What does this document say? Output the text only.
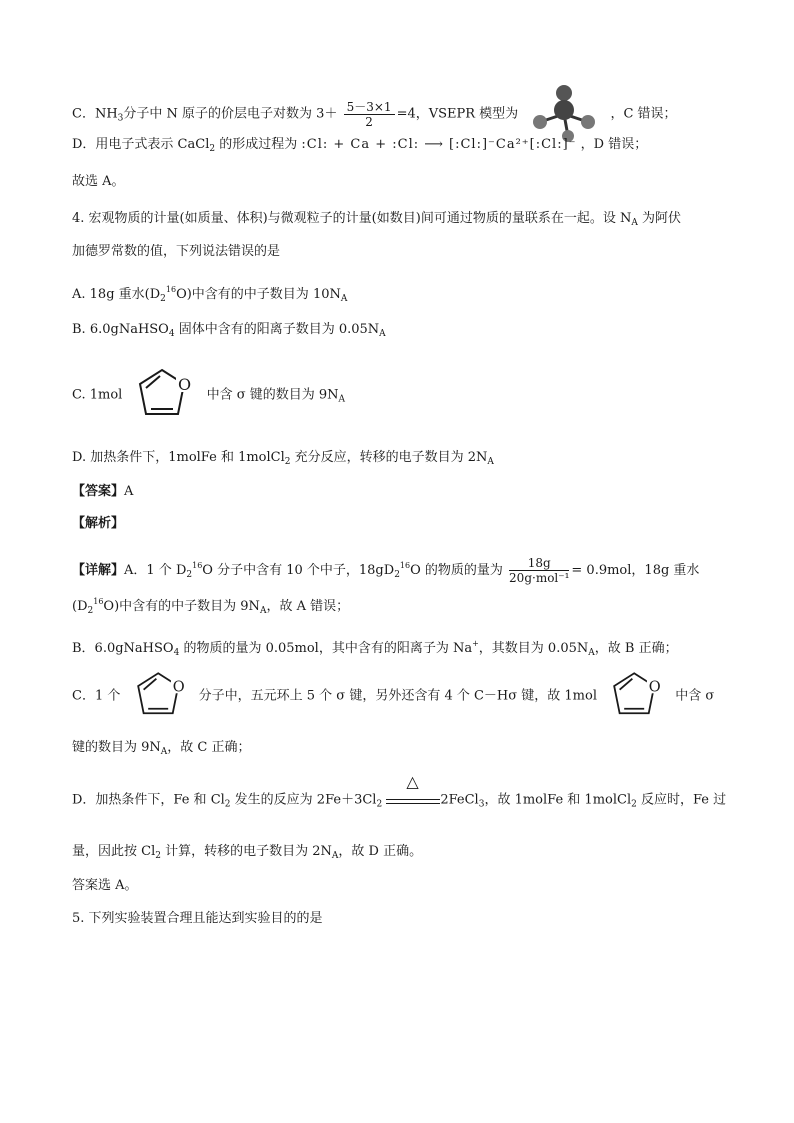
C．$NH_3$分子中 N 原子的价层电子对数为 $3+ \frac{5-3\times 1}{2} =4$，VSEPR 模型为	，C 错误；
D．用电子式表示 CaCl$_2$ 的形成过程为 :Cl: + Ca + :Cl: ⟶ [:Cl:]⁻Ca²⁺[:Cl:]⁻ ，D 错误；
故选 A。
4. 宏观物质的计量(如质量、体积)与微观粒子的计量(如数目)间可通过物质的量联系在一起。设 $N_A$ 为阿伏
加德罗常数的值，下列说法错误的是
A. 18g 重水$(D_2^{16}O)$中含有的中子数目为 $10N_A$
B. 6.0gNaHSO$_4$ 固体中含有的阳离子数目为 $0.05N_A$
C. 1mol
O
中含 σ 键的数目为 $9N_A$
D. 加热条件下，1molFe 和 1molCl$_2$ 充分反应，转移的电子数目为 $2N_A$
【答案】A
【解析】
【详解】A．1 个 $D_2^{16}O$ 分子中含有 10 个中子，$18gD_2^{16}O$ 的物质的量为 $\frac{18g}{\text{20g·mol⁻¹}} = 0.9mol$，18g 重水
$(D_2^{16}O)$中含有的中子数目为 $9N_A$，故 A 错误；
B．6.0gNaHSO$_4$ 的物质的量为 0.05mol，其中含有的阳离子为 Na+，其数目为 $0.05N_A$，故 B 正确；
C．1 个
O
分子中，五元环上 5 个 σ 键，另外还含有 4 个 C－Hσ 键，故 1mol
O
中含 σ
键的数目为 $9N_A$，故 C 正确；
D．加热条件下，Fe 和 $Cl_2$ 发生的反应为 $2Fe+3Cl_2$
△
2FeCl$_3$，故 1molFe 和 1molCl$_2$ 反应时，Fe 过
量，因此按 $Cl_2$ 计算，转移的电子数目为 $2N_A$，故 D 正确。
答案选 A。
5. 下列实验装置合理且能达到实验目的的是
